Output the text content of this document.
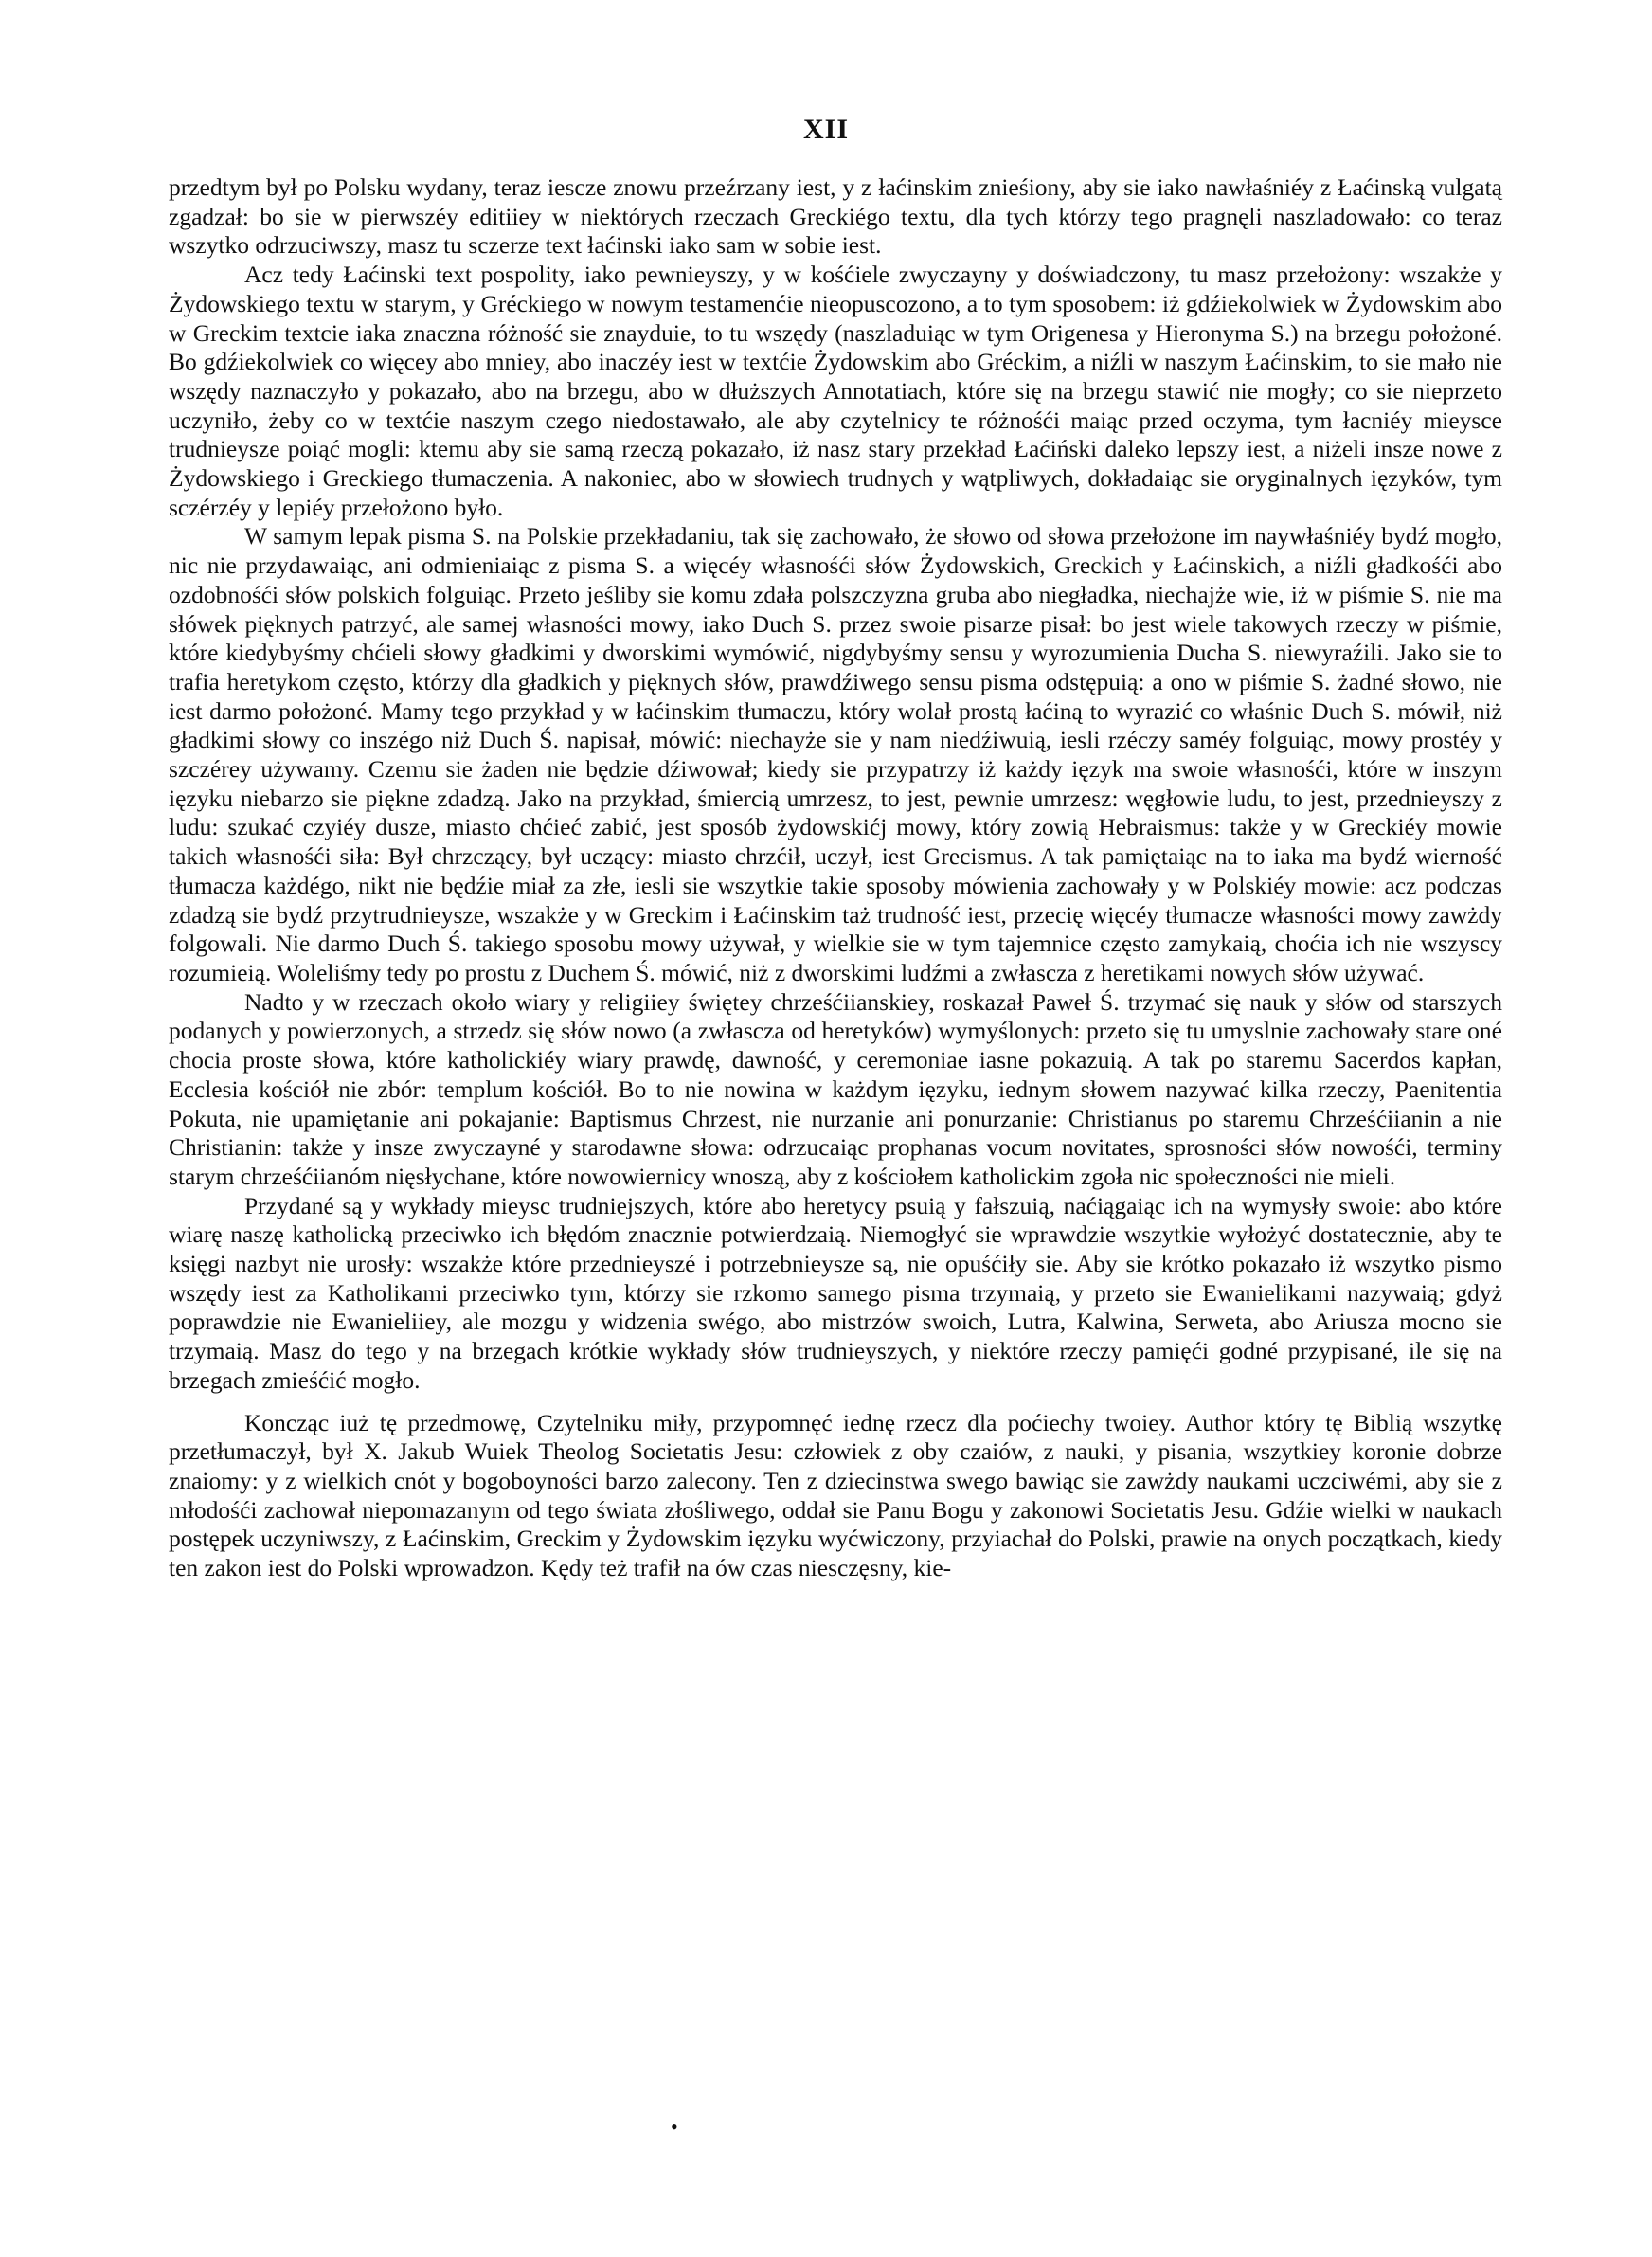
XII

przedtym był po Polsku wydany, teraz iescze znowu przeźrzany iest, y z łaćinskim znieśiony, aby sie iako nawłaśniéy z Łaćinską vulgatą zgadzał: bo sie w pierwszéy editiiey w niektórych rzeczach Greckiégo textu, dla tych którzy tego pragnęli naszladowało: co teraz wszytko odrzuciwszy, masz tu sczerze text łaćinski iako sam w sobie iest.

Acz tedy Łaćinski text pospolity, iako pewnieyszy, y w kośćiele zwyczayny y doświadczony, tu masz przełożony: wszakże y Żydowskiego textu w starym, y Gréckiego w nowym testamenćie nieopuscozono, a to tym sposobem: iż gdźiekolwiek w Żydowskim abo w Greckim textcie iaka znaczna różność sie znayduie, to tu wszędy (naszladuiąc w tym Origenesa y Hieronyma S.) na brzegu położoné. Bo gdźiekolwiek co więcey abo mniey, abo inaczéy iest w textćie Żydowskim abo Gréckim, a niźli w naszym Łaćinskim, to sie mało nie wszędy naznaczyło y pokazało, abo na brzegu, abo w dłuższych Annotatiach, które się na brzegu stawić nie mogły; co sie nieprzeto uczyniło, żeby co w textćie naszym czego niedostawało, ale aby czytelnicy te różnośći maiąc przed oczyma, tym łacniéy mieysce trudnieysze poiąć mogli: ktemu aby sie samą rzeczą pokazało, iż nasz stary przekład Łaćiński daleko lepszy iest, a niżeli insze nowe z Żydowskiego i Greckiego tłumaczenia. A nakoniec, abo w słowiech trudnych y wątpliwych, dokładaiąc sie oryginalnych ięzyków, tym sczérzéy y lepiéy przełożono było.

W samym lepak pisma S. na Polskie przekładaniu, tak się zachowało, że słowo od słowa przełożone im naywłaśniéy bydź mogło, nic nie przydawaiąc, ani odmieniaiąc z pisma S. a więcéy własnośći słów Żydowskich, Greckich y Łaćinskich, a niźli gładkośći abo ozdobnośći słów polskich folguiąc. Przeto jeśliby sie komu zdała polszczyzna gruba abo niegładka, niechajże wie, iż w piśmie S. nie ma słówek pięknych patrzyć, ale samej własności mowy, iako Duch S. przez swoie pisarze pisał: bo jest wiele takowych rzeczy w piśmie, które kiedybyśmy chćieli słowy gładkimi y dworskimi wymówić, nigdybyśmy sensu y wyrozumienia Ducha S. niewyraźili. Jako sie to trafia heretykom często, którzy dla gładkich y pięknych słów, prawdźiwego sensu pisma odstępuią: a ono w piśmie S. żadné słowo, nie iest darmo położoné. Mamy tego przykład y w łaćinskim tłumaczu, który wolał prostą łaćiną to wyrazić co właśnie Duch S. mówił, niż gładkimi słowy co inszégo niż Duch Ś. napisał, mówić: niechayże sie y nam niedźiwuią, iesli rzéczy saméy folguiąc, mowy prostéy y szczérey używamy. Czemu sie żaden nie będzie dźiwował; kiedy sie przypatrzy iż każdy ięzyk ma swoie własnośći, które w inszym ięzyku niebarzo sie piękne zdadzą. Jako na przykład, śmiercią umrzesz, to jest, pewnie umrzesz: węgłowie ludu, to jest, przednieyszy z ludu: szukać czyiéy dusze, miasto chćieć zabić, jest sposób żydowskićj mowy, który zowią Hebraismus: także y w Greckiéy mowie takich własnośći siła: Był chrzczący, był uczący: miasto chrzćił, uczył, iest Grecismus. A tak pamiętaiąc na to iaka ma bydź wierność tłumacza każdégo, nikt nie będźie miał za złe, iesli sie wszytkie takie sposoby mówienia zachowały y w Polskiéy mowie: acz podczas zdadzą sie bydź przytrudnieysze, wszakże y w Greckim i Łaćinskim taż trudność iest, przecię więcéy tłumacze własności mowy zawżdy folgowali. Nie darmo Duch Ś. takiego sposobu mowy używał, y wielkie sie w tym tajemnice często zamykaią, choćia ich nie wszyscy rozumieią. Woleliśmy tedy po prostu z Duchem Ś. mówić, niż z dworskimi ludźmi a zwłascza z heretikami nowych słów używać.

Nadto y w rzeczach około wiary y religiiey świętey chrześćiianskiey, roskazał Paweł Ś. trzymać się nauk y słów od starszych podanych y powierzonych, a strzedz się słów nowo (a zwłascza od heretyków) wymyślonych: przeto się tu umyslnie zachowały stare oné chocia proste słowa, które katholickiéy wiary prawdę, dawność, y ceremoniae iasne pokazuią. A tak po staremu Sacerdos kapłan, Ecclesia kościół nie zbór: templum kościół. Bo to nie nowina w każdym ięzyku, iednym słowem nazywać kilka rzeczy, Paenitentia Pokuta, nie upamiętanie ani pokajanie: Baptismus Chrzest, nie nurzanie ani ponurzanie: Christianus po staremu Chrześćiianin a nie Christianin: także y insze zwyczayné y starodawne słowa: odrzucaiąc prophanas vocum novitates, sprosności słów nowośći, terminy starym chrześćiianóm nięsłychane, które nowowiernicy wnoszą, aby z kościołem katholickim zgoła nic społeczności nie mieli.

Przydané są y wykłady mieysc trudniejszych, które abo heretycy psuią y fałszuią, naćiągaiąc ich na wymysły swoie: abo które wiarę naszę katholicką przeciwko ich błędóm znacznie potwierdzaią. Niemogłyć sie wprawdzie wszytkie wyłożyć dostatecznie, aby te księgi nazbyt nie urosły: wszakże które przednieyszé i potrzebnieysze są, nie opuśćiły sie. Aby sie krótko pokazało iż wszytko pismo wszędy iest za Katholikami przeciwko tym, którzy sie rzkomo samego pisma trzymaią, y przeto sie Ewanielikami nazywaią; gdyż poprawdzie nie Ewanieliiey, ale mozgu y widzenia swégo, abo mistrzów swoich, Lutra, Kalwina, Serweta, abo Ariusza mocno sie trzymaią. Masz do tego y na brzegach krótkie wykłady słów trudnieyszych, y niektóre rzeczy pamięći godné przypisané, ile się na brzegach zmieśćić mogło.

Koncząc iuż tę przedmowę, Czytelniku miły, przypomnęć iednę rzecz dla poćiechy twoiey. Author który tę Biblią wszytkę przetłumaczył, był X. Jakub Wuiek Theolog Societatis Jesu: człowiek z oby czaiów, z nauki, y pisania, wszytkiey koronie dobrze znaiomy: y z wielkich cnót y bogoboyności barzo zalecony. Ten z dziecinstwa swego bawiąc sie zawżdy naukami uczciwémi, aby sie z młodośći zachował niepomazanym od tego świata złośliwego, oddał sie Panu Bogu y zakonowi Societatis Jesu. Gdźie wielki w naukach postępek uczyniwszy, z Łaćinskim, Greckim y Żydowskim ięzyku wyćwiczony, przyiachał do Polski, prawie na onych początkach, kiedy ten zakon iest do Polski wprowadzon. Kędy też trafił na ów czas niesczęsny, kie-

•
